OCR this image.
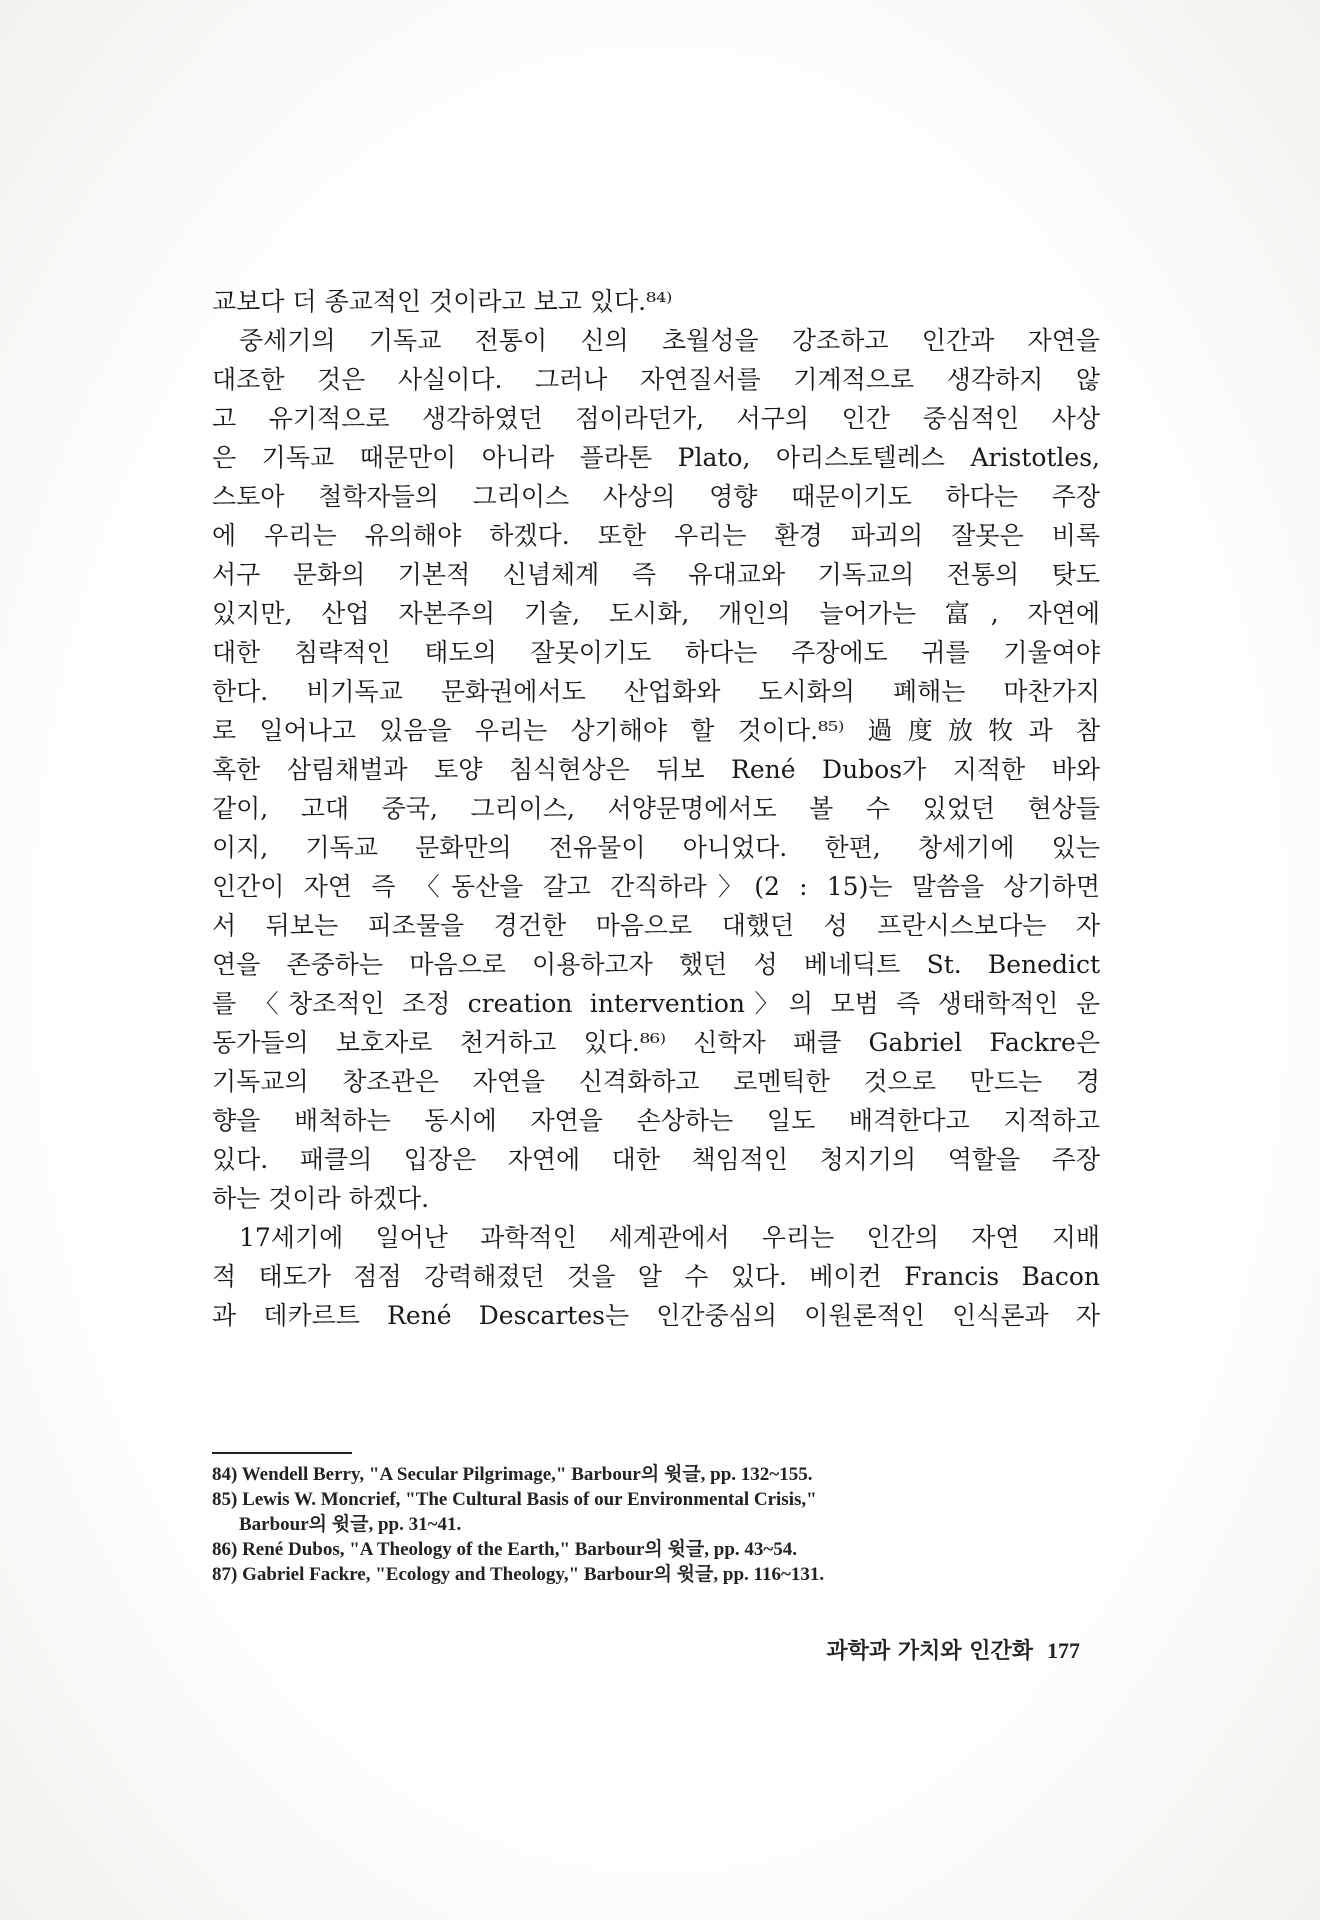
교보다 더 종교적인 것이라고 보고 있다.⁸⁴⁾
중세기의 기독교 전통이 신의 초월성을 강조하고 인간과 자연을
대조한 것은 사실이다. 그러나 자연질서를 기계적으로 생각하지 않
고 유기적으로 생각하였던 점이라던가, 서구의 인간 중심적인 사상
은 기독교 때문만이 아니라 플라톤 Plato, 아리스토텔레스 Aristotles,
스토아 철학자들의 그리이스 사상의 영향 때문이기도 하다는 주장
에 우리는 유의해야 하겠다. 또한 우리는 환경 파괴의 잘못은 비록
서구 문화의 기본적 신념체계 즉 유대교와 기독교의 전통의 탓도
있지만, 산업 자본주의 기술, 도시화, 개인의 늘어가는 富, 자연에
대한 침략적인 태도의 잘못이기도 하다는 주장에도 귀를 기울여야
한다. 비기독교 문화권에서도 산업화와 도시화의 폐해는 마찬가지
로 일어나고 있음을 우리는 상기해야 할 것이다.⁸⁵⁾ 過度放牧과 참
혹한 삼림채벌과 토양 침식현상은 뒤보 René Dubos가 지적한 바와
같이, 고대 중국, 그리이스, 서양문명에서도 볼 수 있었던 현상들
이지, 기독교 문화만의 전유물이 아니었다. 한편, 창세기에 있는
인간이 자연 즉 〈동산을 갈고 간직하라〉(2 : 15)는 말씀을 상기하면
서 뒤보는 피조물을 경건한 마음으로 대했던 성 프란시스보다는 자
연을 존중하는 마음으로 이용하고자 했던 성 베네딕트 St. Benedict
를 〈창조적인 조정 creation intervention〉의 모범 즉 생태학적인 운
동가들의 보호자로 천거하고 있다.⁸⁶⁾ 신학자 패클 Gabriel Fackre은
기독교의 창조관은 자연을 신격화하고 로멘틱한 것으로 만드는 경
향을 배척하는 동시에 자연을 손상하는 일도 배격한다고 지적하고
있다. 패클의 입장은 자연에 대한 책임적인 청지기의 역할을 주장
하는 것이라 하겠다.
17세기에 일어난 과학적인 세계관에서 우리는 인간의 자연 지배
적 태도가 점점 강력해졌던 것을 알 수 있다. 베이컨 Francis Bacon
과 데카르트 René Descartes는 인간중심의 이원론적인 인식론과 자
84) Wendell Berry, "A Secular Pilgrimage," Barbour의 윗글, pp. 132~155.
85) Lewis W. Moncrief, "The Cultural Basis of our Environmental Crisis,"
Barbour의 윗글, pp. 31~41.
86) René Dubos, "A Theology of the Earth," Barbour의 윗글, pp. 43~54.
87) Gabriel Fackre, "Ecology and Theology," Barbour의 윗글, pp. 116~131.
과학과 가치와 인간화 177
